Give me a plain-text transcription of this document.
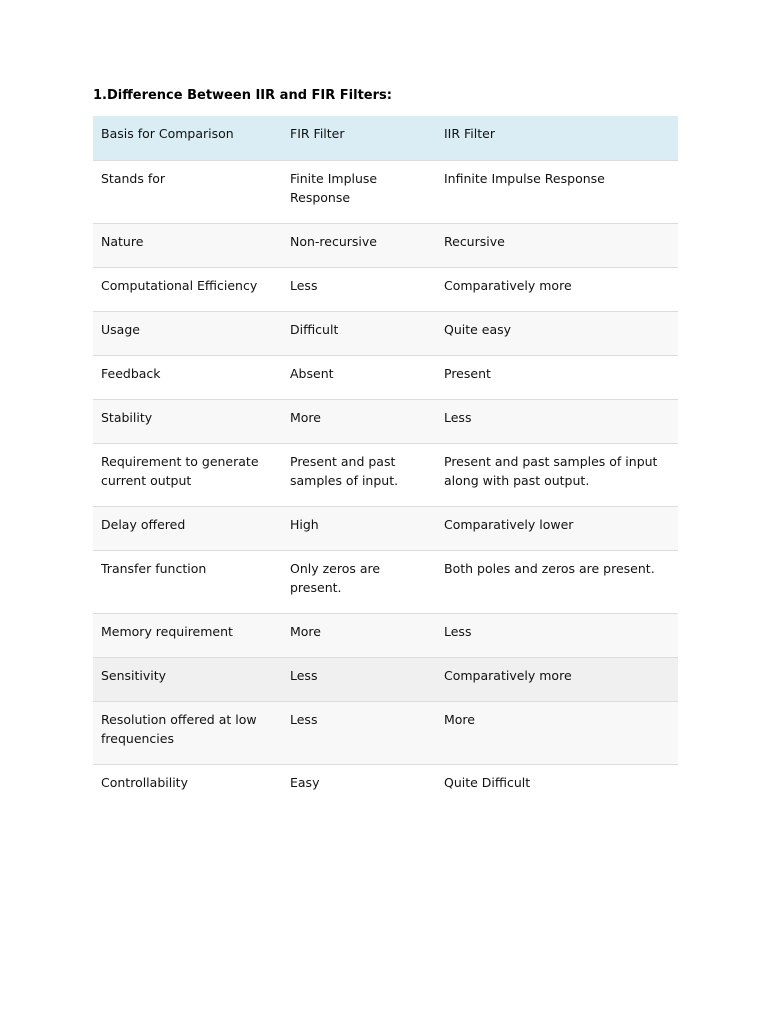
1.Difference Between IIR and FIR Filters:
Basis for Comparison	FIR Filter	IIR Filter
Stands for	Finite Impluse Response	Infinite Impulse Response
Nature	Non-recursive	Recursive
Computational Efficiency	Less	Comparatively more
Usage	Difficult	Quite easy
Feedback	Absent	Present
Stability	More	Less
Requirement to generate current output	Present and past samples of input.	Present and past samples of input along with past output.
Delay offered	High	Comparatively lower
Transfer function	Only zeros are present.	Both poles and zeros are present.
Memory requirement	More	Less
Sensitivity	Less	Comparatively more
Resolution offered at low frequencies	Less	More
Controllability	Easy	Quite Difficult
